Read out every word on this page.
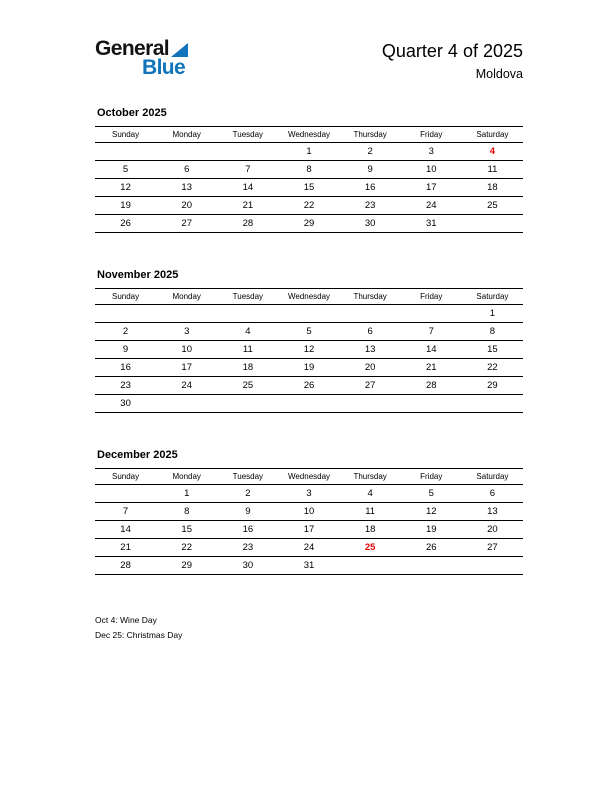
General
Blue
Quarter 4 of 2025
Moldova
October 2025
Sunday	Monday	Tuesday	Wednesday	Thursday	Friday	Saturday
			1	2	3	4
5	6	7	8	9	10	11
12	13	14	15	16	17	18
19	20	21	22	23	24	25
26	27	28	29	30	31	
November 2025
Sunday	Monday	Tuesday	Wednesday	Thursday	Friday	Saturday
						1
2	3	4	5	6	7	8
9	10	11	12	13	14	15
16	17	18	19	20	21	22
23	24	25	26	27	28	29
30						
December 2025
Sunday	Monday	Tuesday	Wednesday	Thursday	Friday	Saturday
	1	2	3	4	5	6
7	8	9	10	11	12	13
14	15	16	17	18	19	20
21	22	23	24	25	26	27
28	29	30	31			
Oct 4: Wine Day
Dec 25: Christmas Day
